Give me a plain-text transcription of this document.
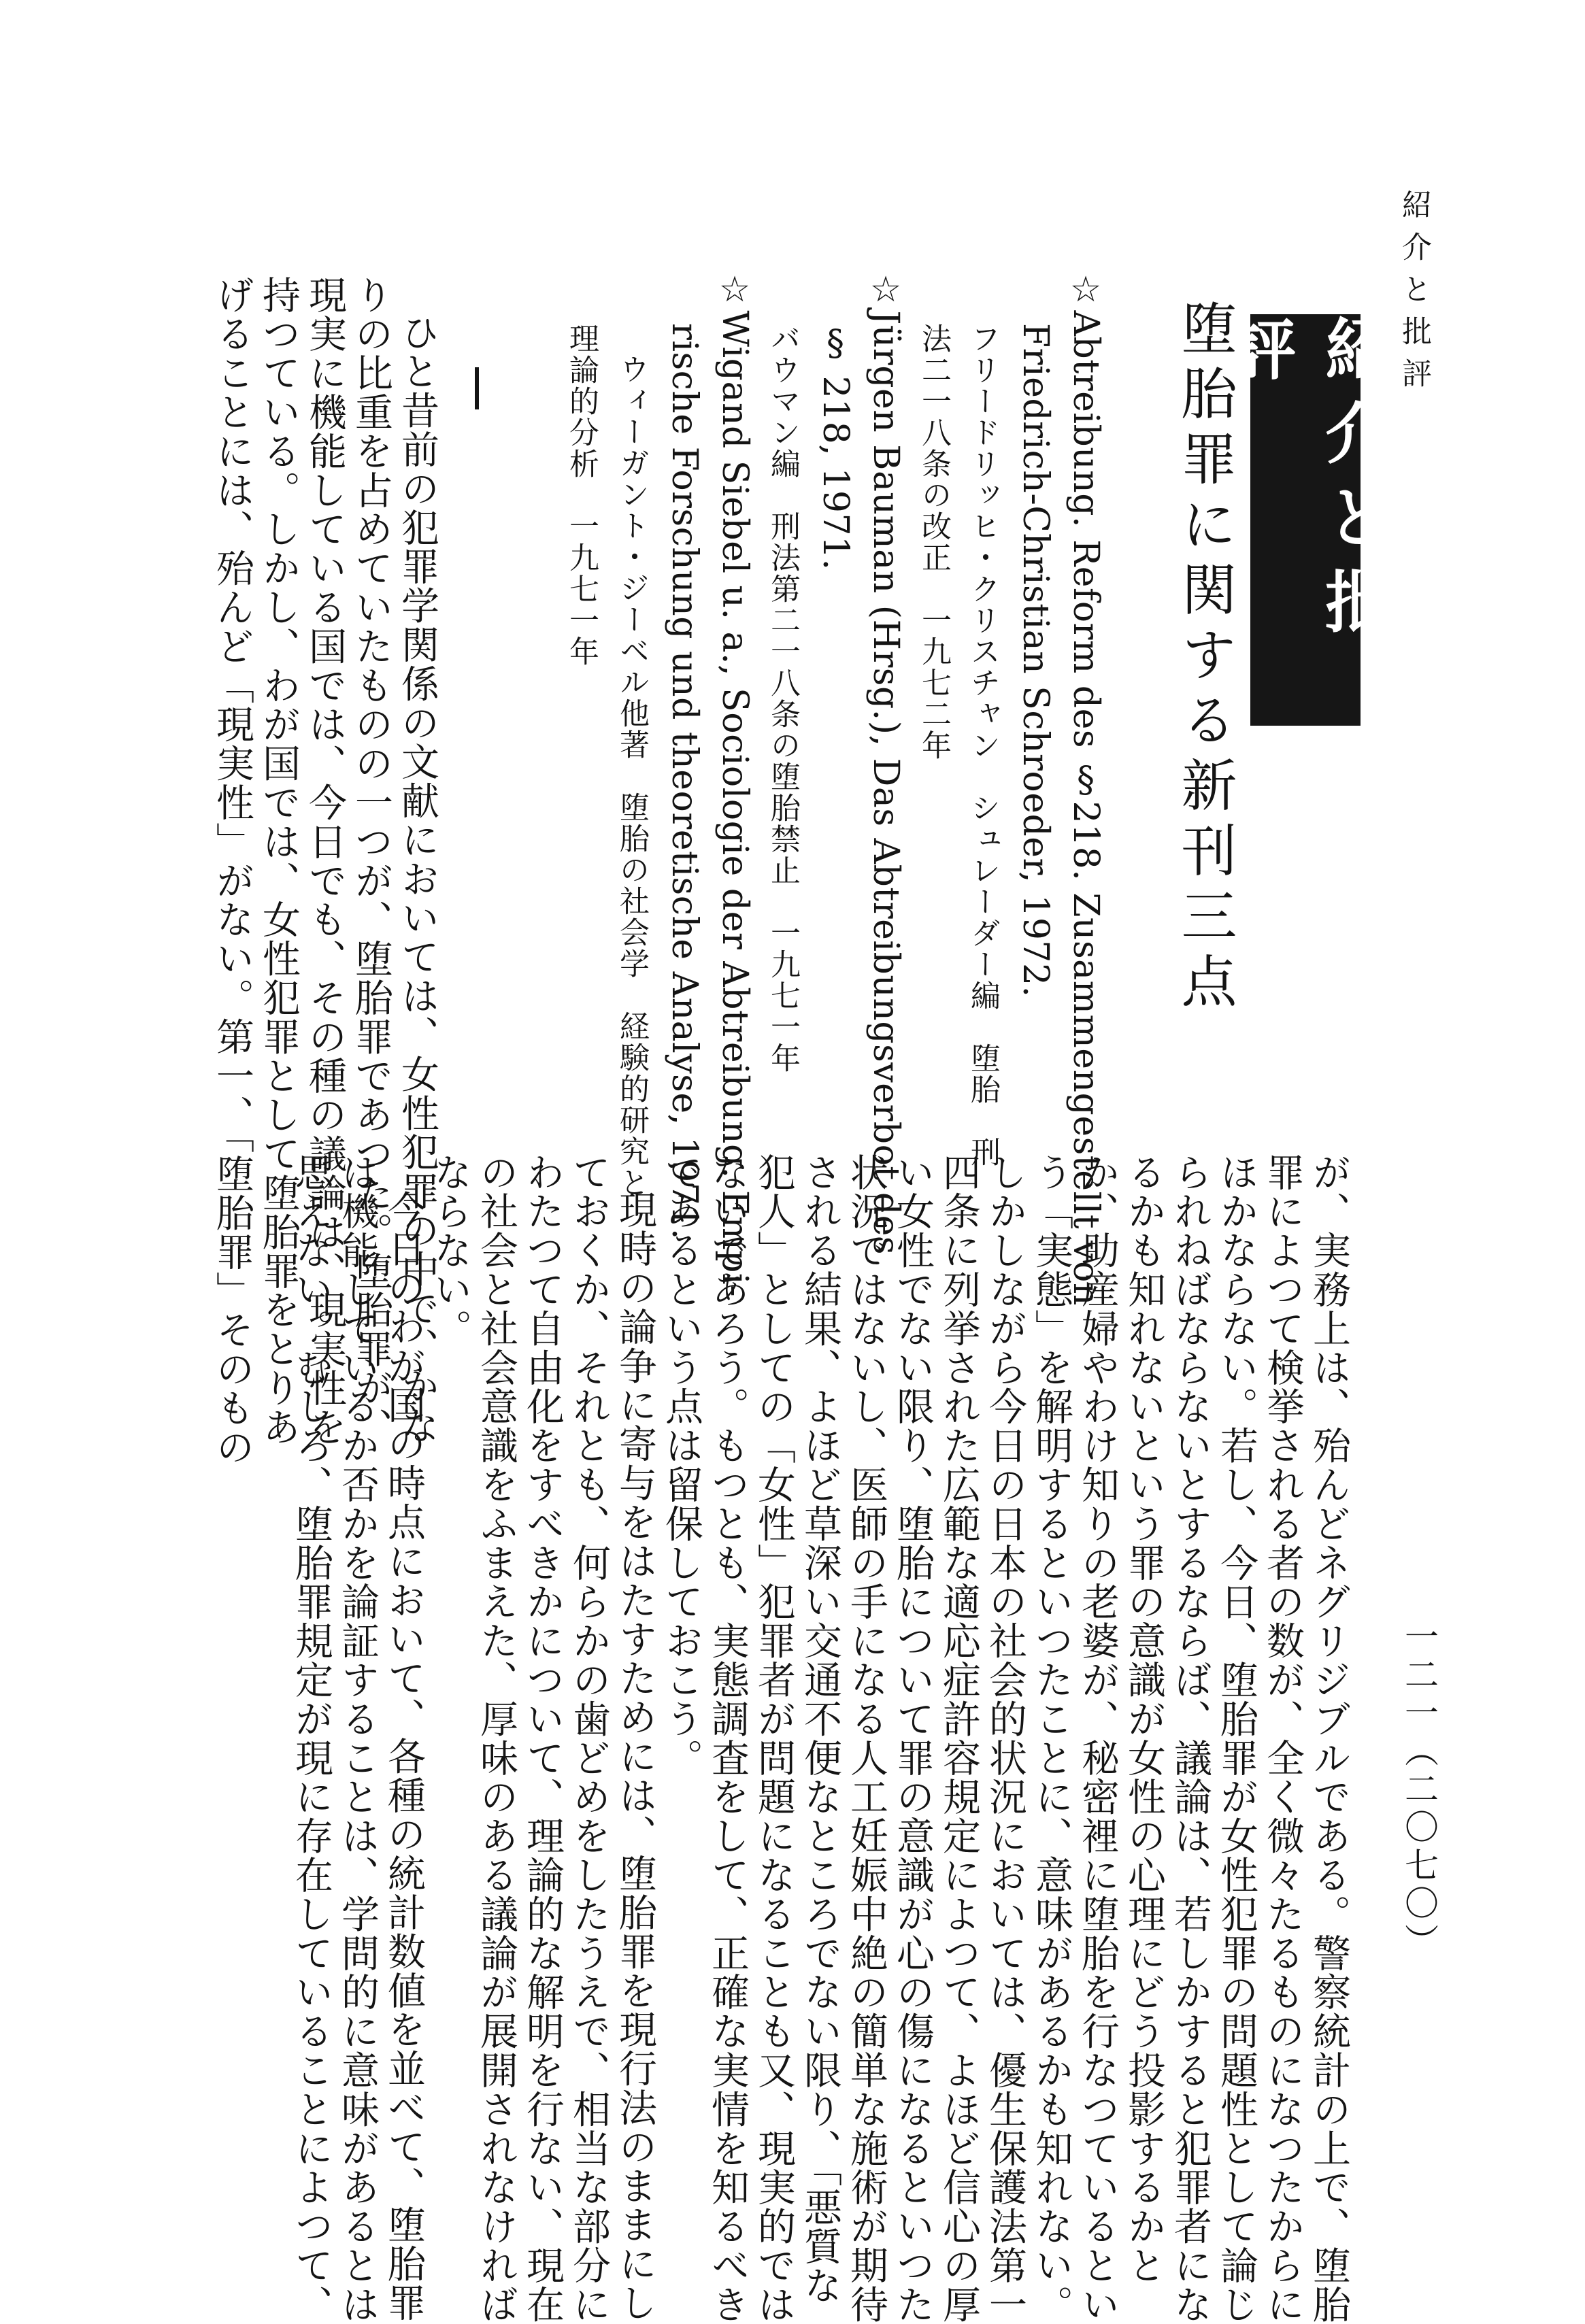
紹介と批評
一二一（二〇七〇）
紹介と批評
堕胎罪に関する新刊三点
☆Abtreibung. Reform des §218. Zusammengestellt von
Friedrich-Christian Schroeder, 1972.
フリードリッヒ・クリスチャン　シュレーダー編　堕胎　刑
法二一八条の改正　一九七二年
☆Jürgen Bauman (Hrsg.), Das Abtreibungsverbot des
§ 218, 1971.
バウマン編　刑法第二一八条の堕胎禁止　一九七一年
☆Wigand Siebel u. a., Sociologie der Abtreibung. Empi-
rische Forschung und theoretische Analyse, 1971.
ウィーガント・ジーベル他著　堕胎の社会学　経験的研究と
理論的分析　一九七一年
が、実務上は、殆んどネグリジブルである。警察統計の上で、堕胎
罪によつて検挙される者の数が、全く微々たるものになつたからに
ほかならない。若し、今日、堕胎罪が女性犯罪の問題性として論じ
られねばならないとするならば、議論は、若しかすると犯罪者にな
るかも知れないという罪の意識が女性の心理にどう投影するかと
か、助産婦やわけ知りの老婆が、秘密裡に堕胎を行なつているとい
う「実態」を解明するといつたことに、意味があるかも知れない。
しかしながら今日の日本の社会的状況においては、優生保護法第一
四条に列挙された広範な適応症許容規定によつて、よほど信心の厚
い女性でない限り、堕胎について罪の意識が心の傷になるといつた
状況ではないし、医師の手になる人工妊娠中絶の簡単な施術が期待
される結果、よほど草深い交通不便なところでない限り、「悪質な
犯人」としての「女性」犯罪者が問題になることも又、現実的では
ないであろう。もつとも、実態調査をして、正確な実情を知るべき
であるという点は留保しておこう。
現時の論争に寄与をはたすためには、堕胎罪を現行法のままにし
ておくか、それとも、何らかの歯どめをしたうえで、相当な部分に
わたつて自由化をすべきかについて、理論的な解明を行ない、現在
の社会と社会意識をふまえた、厚味のある議論が展開されなければ
ならない。
今日のわが国の時点において、各種の統計数値を並べて、堕胎罪
は機能しているか否かを論証することは、学問的に意味があるとは
思えない。むしろ、堕胎罪規定が現に存在していることによつて、
ひと昔前の犯罪学関係の文献においては、女性犯罪の中で、かな
りの比重を占めていたものの一つが、堕胎罪であつた。堕胎罪が、
現実に機能している国では、今日でも、その種の議論は、現実性を
持つている。しかし、わが国では、女性犯罪として堕胎罪をとりあ
げることには、殆んど「現実性」がない。第一、「堕胎罪」そのもの
